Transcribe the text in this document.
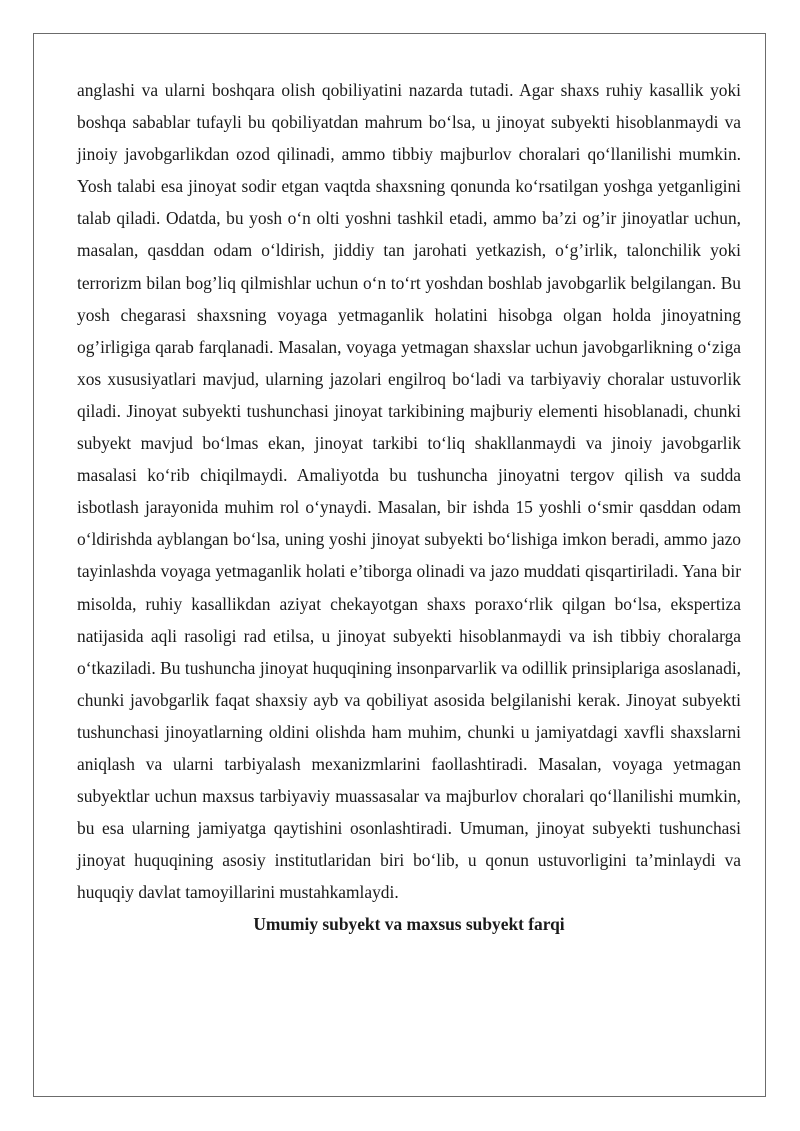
anglashi va ularni boshqara olish qobiliyatini nazarda tutadi. Agar shaxs ruhiy kasallik yoki boshqa sabablar tufayli bu qobiliyatdan mahrum bo‘lsa, u jinoyat subyekti hisoblanmaydi va jinoiy javobgarlikdan ozod qilinadi, ammo tibbiy majburlov choralari qo‘llanilishi mumkin. Yosh talabi esa jinoyat sodir etgan vaqtda shaxsning qonunda ko‘rsatilgan yoshga yetganligini talab qiladi. Odatda, bu yosh o‘n olti yoshni tashkil etadi, ammo ba’zi og’ir jinoyatlar uchun, masalan, qasddan odam o‘ldirish, jiddiy tan jarohati yetkazish, o‘g’irlik, talonchilik yoki terrorizm bilan bog’liq qilmishlar uchun o‘n to‘rt yoshdan boshlab javobgarlik belgilangan. Bu yosh chegarasi shaxsning voyaga yetmaganlik holatini hisobga olgan holda jinoyatning og’irligiga qarab farqlanadi. Masalan, voyaga yetmagan shaxslar uchun javobgarlikning o‘ziga xos xususiyatlari mavjud, ularning jazolari engilroq bo‘ladi va tarbiyaviy choralar ustuvorlik qiladi. Jinoyat subyekti tushunchasi jinoyat tarkibining majburiy elementi hisoblanadi, chunki subyekt mavjud bo‘lmas ekan, jinoyat tarkibi to‘liq shakllanmaydi va jinoiy javobgarlik masalasi ko‘rib chiqilmaydi. Amaliyotda bu tushuncha jinoyatni tergov qilish va sudda isbotlash jarayonida muhim rol o‘ynaydi. Masalan, bir ishda 15 yoshli o‘smir qasddan odam o‘ldirishda ayblangan bo‘lsa, uning yoshi jinoyat subyekti bo‘lishiga imkon beradi, ammo jazo tayinlashda voyaga yetmaganlik holati e’tiborga olinadi va jazo muddati qisqartiriladi. Yana bir misolda, ruhiy kasallikdan aziyat chekayotgan shaxs poraxo‘rlik qilgan bo‘lsa, ekspertiza natijasida aqli rasoligi rad etilsa, u jinoyat subyekti hisoblanmaydi va ish tibbiy choralarga o‘tkaziladi. Bu tushuncha jinoyat huquqining insonparvarlik va odillik prinsiplariga asoslanadi, chunki javobgarlik faqat shaxsiy ayb va qobiliyat asosida belgilanishi kerak. Jinoyat subyekti tushunchasi jinoyatlarning oldini olishda ham muhim, chunki u jamiyatdagi xavfli shaxslarni aniqlash va ularni tarbiyalash mexanizmlarini faollashtiradi. Masalan, voyaga yetmagan subyektlar uchun maxsus tarbiyaviy muassasalar va majburlov choralari qo‘llanilishi mumkin, bu esa ularning jamiyatga qaytishini osonlashtiradi. Umuman, jinoyat subyekti tushunchasi jinoyat huquqining asosiy institutlaridan biri bo‘lib, u qonun ustuvorligini ta’minlaydi va huquqiy davlat tamoyillarini mustahkamlaydi.

Umumiy subyekt va maxsus subyekt farqi
